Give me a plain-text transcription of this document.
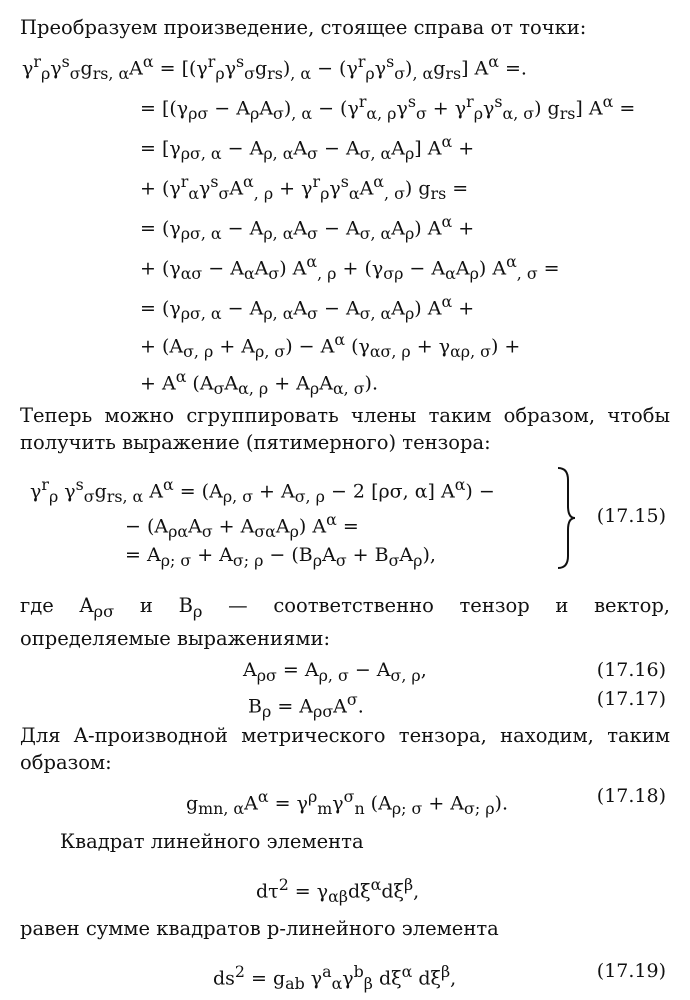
Преобразуем произведение, стоящее справа от точки:
$\gamma^r_\rho\gamma^s_\sigma g_{rs, \alpha}A^\alpha = [(\gamma^r_\rho\gamma^s_\sigma g_{rs})_{, \alpha} - (\gamma^r_\rho\gamma^s_\sigma)_{, \alpha}g_{rs}]$ $A^\alpha$ =.
= [$(\gamma_{\rho\sigma} - A_\rho A_\sigma)_{, \alpha} - (\gamma^r_{\alpha, \rho}\gamma^s_\sigma + \gamma^r_\rho\gamma^s_{\alpha, \sigma})$ $g_{rs}$] $A^\alpha$ =
= $[\gamma_{\rho\sigma, \alpha} - A_{\rho, \alpha}A_\sigma - A_{\sigma, \alpha}A_\rho] A^\alpha$ +
+ $(\gamma^r_\alpha\gamma^s_\sigma A^\alpha_{, \rho} + \gamma^r_\rho\gamma^s_\alpha A^\alpha_{, \sigma}) g_{rs}$ =
= $(\gamma_{\rho\sigma, \alpha} - A_{\rho, \alpha}A_\sigma - A_{\sigma, \alpha}A_\rho) A^\alpha$ +
+ $(\gamma_{\alpha\sigma} - A_\alpha A_\sigma) A^\alpha_{, \rho} + (\gamma_{\sigma\rho} - A_\alpha A_\rho) A^\alpha_{, \sigma}$ =
= $(\gamma_{\rho\sigma, \alpha} - A_{\rho, \alpha}A_\sigma - A_{\sigma, \alpha}A_\rho) A^\alpha$ +
+ $(A_{\sigma, \rho} + A_{\rho, \sigma}) - A^\alpha$ $(\gamma_{\alpha\sigma, \rho} + \gamma_{\alpha\rho, \sigma})$ +
+ $A^\alpha$ $(A_\sigma A_{\alpha, \rho} + A_\rho A_{\alpha, \sigma})$.
Теперь можно сгруппировать члены таким образом, чтобы получить выражение (пятимерного) тензора:
$\gamma^r_\rho$ $\gamma^s_\sigma g_{rs, \alpha}$ $A^\alpha = (A_{\rho, \sigma} + A_{\sigma, \rho} - 2$ [ρσ, α] $A^\alpha$) −
− $(A_{\rho\alpha}A_\sigma + A_{\sigma\alpha}A_\rho) A^\alpha$ =
= $A_{\rho; \sigma} + A_{\sigma; \rho} - (B_\rho A_\sigma + B_\sigma A_\rho)$,
(17.15)
где $A_{\rho\sigma}$ и $B_\rho$ — соответственно тензор и вектор, определяемые выражениями:
$A_{\rho\sigma} = A_{\rho, \sigma} - A_{\sigma, \rho}$,	(17.16)
$B_\rho = A_{\rho\sigma}A^\sigma$.	(17.17)
Для A-производной метрического тензора, находим, таким образом:
$g_{mn, \alpha}A^\alpha = \gamma^\rho_m\gamma^\sigma_n$ $(A_{\rho; \sigma} + A_{\sigma; \rho})$.	(17.18)
Квадрат линейного элемента
$d\tau^2 = \gamma_{\alpha\beta}d\xi^\alpha d\xi^\beta$,
равен сумме квадратов p-линейного элемента
$ds^2 = g_{ab}$ $\gamma^a_\alpha\gamma^b_\beta$ $d\xi^\alpha$ $d\xi^\beta$,	(17.19)
